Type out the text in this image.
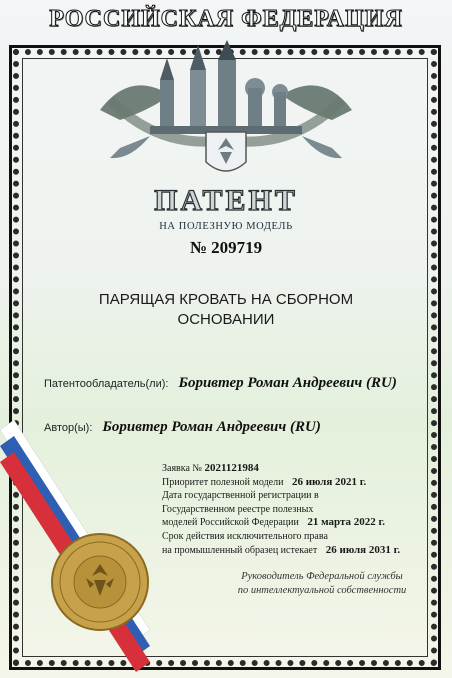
РОССИЙСКАЯ ФЕДЕРАЦИЯ
ПАТЕНТ
НА ПОЛЕЗНУЮ МОДЕЛЬ
№ 209719
ПАРЯЩАЯ КРОВАТЬ НА СБОРНОМ
ОСНОВАНИИ
Патентообладатель(ли): Боривтер Роман Андреевич (RU)
Автор(ы): Боривтер Роман Андреевич (RU)
Заявка № 2021121984
Приоритет полезной модели 26 июля 2021 г.
Дата государственной регистрации в
Государственном реестре полезных
моделей Российской Федерации 21 марта 2022 г.
Срок действия исключительного права
на промышленный образец истекает 26 июля 2031 г.
Руководитель Федеральной службы
по интеллектуальной собственности
